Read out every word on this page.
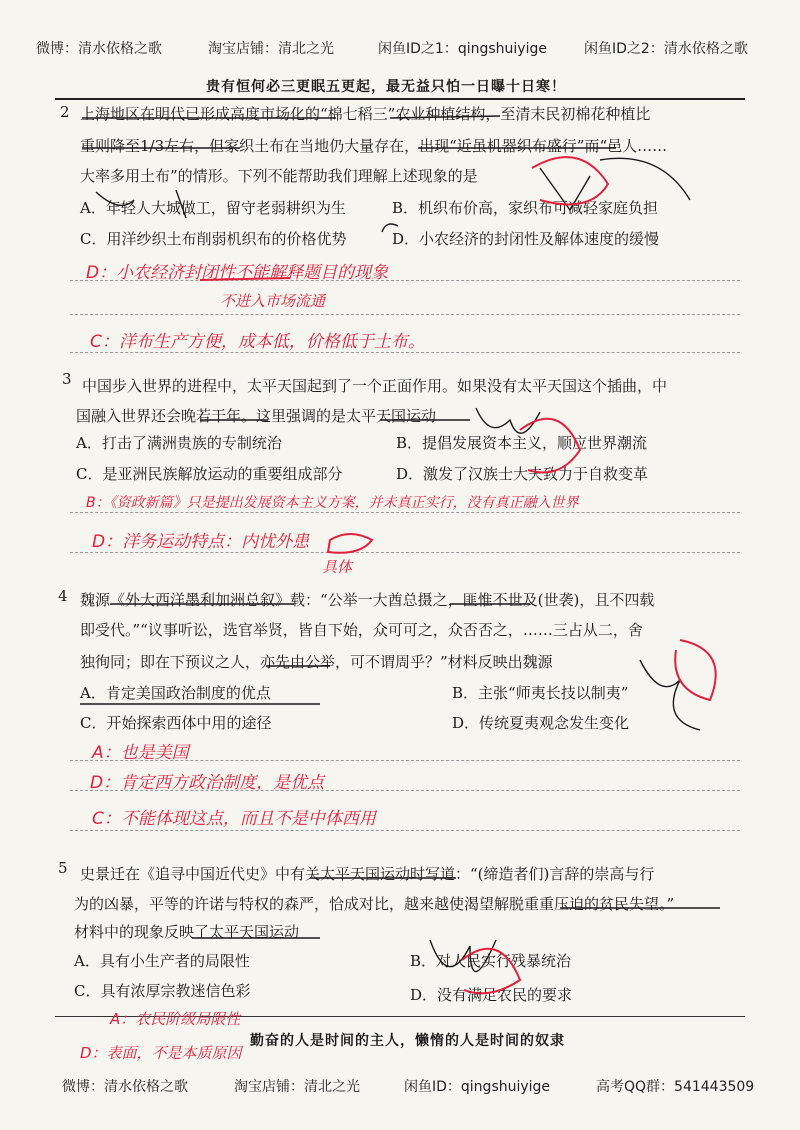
微博：清水依格之歌	淘宝店铺：清北之光	闲鱼ID之1：qingshuiyige	闲鱼ID之2：清水依格之歌
贵有恒何必三更眠五更起，最无益只怕一日曝十日寒！
2 上海地区在明代已形成高度市场化的“棉七稻三”农业种植结构，至清末民初棉花种植比
重则降至1/3左右，但家织土布在当地仍大量存在，出现“近虽机器织布盛行”而“邑人……
大率多用土布”的情形。下列不能帮助我们理解上述现象的是
A．年轻人大城做工，留守老弱耕织为生	B．机织布价高，家织布可减轻家庭负担
C．用洋纱织土布削弱机织布的价格优势	D．小农经济的封闭性及解体速度的缓慢
D：小农经济封闭性不能解释题目的现象
不进入市场流通
C：洋布生产方便，成本低，价格低于土布。
3 中国步入世界的进程中，太平天国起到了一个正面作用。如果没有太平天国这个插曲，中
国融入世界还会晚若干年。这里强调的是太平天国运动
A．打击了满洲贵族的专制统治	B．提倡发展资本主义，顺应世界潮流
C．是亚洲民族解放运动的重要组成部分	D．激发了汉族士大夫致力于自救变革
B：《资政新篇》只是提出发展资本主义方案，并未真正实行，没有真正融入世界
D：洋务运动特点：内忧外患
具体
4 魏源《外大西洋墨利加洲总叙》载：“公举一大酋总摄之，匪惟不世及(世袭)，且不四载
即受代。”“议事听讼，选官举贤，皆自下始，众可可之，众否否之，……三占从二，舍
独徇同；即在下预议之人，亦先由公举，可不谓周乎？”材料反映出魏源
A．肯定美国政治制度的优点	B．主张“师夷长技以制夷”
C．开始探索西体中用的途径	D．传统夏夷观念发生变化
A：也是美国
D：肯定西方政治制度，是优点
C：不能体现这点，而且不是中体西用
5 史景迁在《追寻中国近代史》中有关太平天国运动时写道：“(缔造者们)言辞的崇高与行
为的凶暴，平等的许诺与特权的森严，恰成对比，越来越使渴望解脱重重压迫的贫民失望。”
材料中的现象反映了太平天国运动
A．具有小生产者的局限性	B．对人民实行残暴统治
C．具有浓厚宗教迷信色彩	D．没有满足农民的要求
A：农民阶级局限性
D：表面，不是本质原因
勤奋的人是时间的主人，懒惰的人是时间的奴隶
微博：清水依格之歌	淘宝店铺：清北之光	闲鱼ID：qingshuiyige	高考QQ群：541443509
